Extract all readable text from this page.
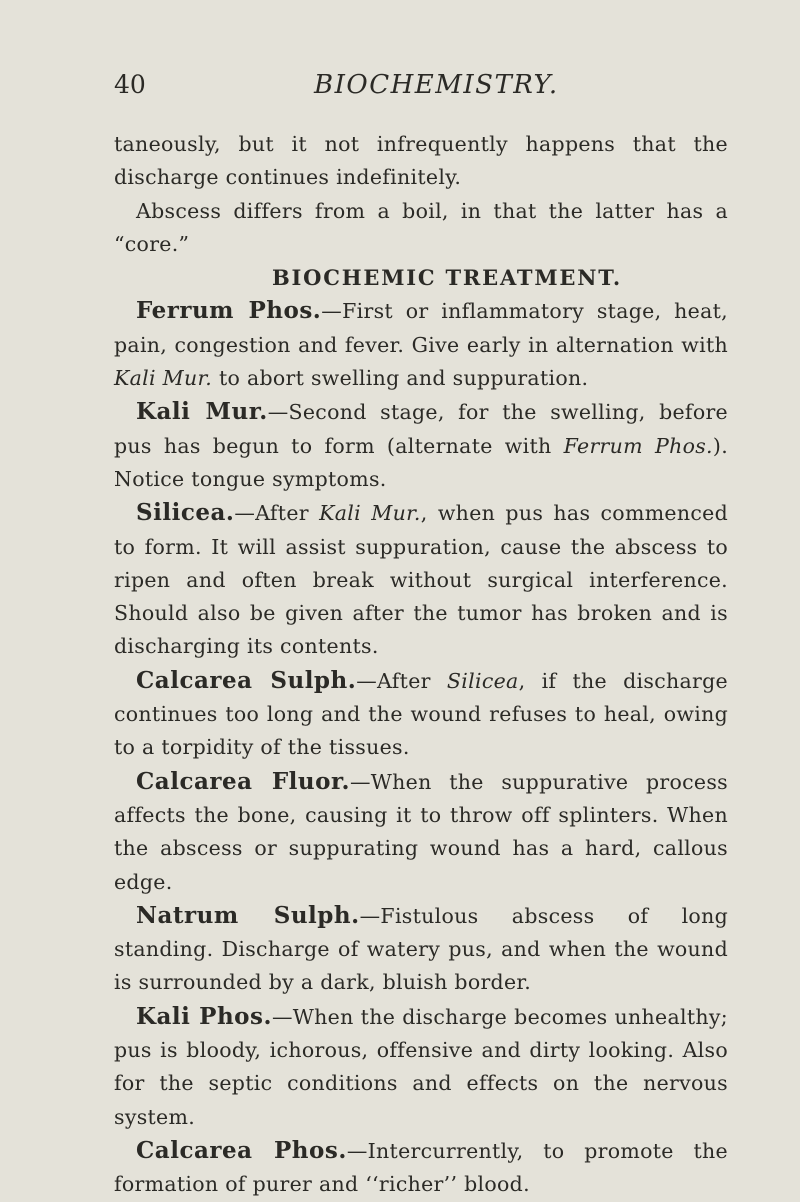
40	BIOCHEMISTRY.

taneously, but it not infrequently happens that the discharge continues indefinitely.

Abscess differs from a boil, in that the latter has a “core.”

BIOCHEMIC TREATMENT.

Ferrum Phos.—First or inflammatory stage, heat, pain, congestion and fever. Give early in alternation with Kali Mur. to abort swelling and suppuration.

Kali Mur.—Second stage, for the swelling, before pus has begun to form (alternate with Ferrum Phos.). Notice tongue symptoms.

Silicea.—After Kali Mur., when pus has commenced to form. It will assist suppuration, cause the abscess to ripen and often break without surgical interference. Should also be given after the tumor has broken and is discharging its contents.

Calcarea Sulph.—After Silicea, if the discharge continues too long and the wound refuses to heal, owing to a torpidity of the tissues.

Calcarea Fluor.—When the suppurative process affects the bone, causing it to throw off splinters. When the abscess or suppurating wound has a hard, callous edge.

Natrum Sulph.—Fistulous abscess of long standing. Discharge of watery pus, and when the wound is surrounded by a dark, bluish border.

Kali Phos.—When the discharge becomes unhealthy; pus is bloody, ichorous, offensive and dirty looking. Also for the septic conditions and effects on the nervous system.

Calcarea Phos.—Intercurrently, to promote the formation of purer and ‘‘richer’’ blood.
